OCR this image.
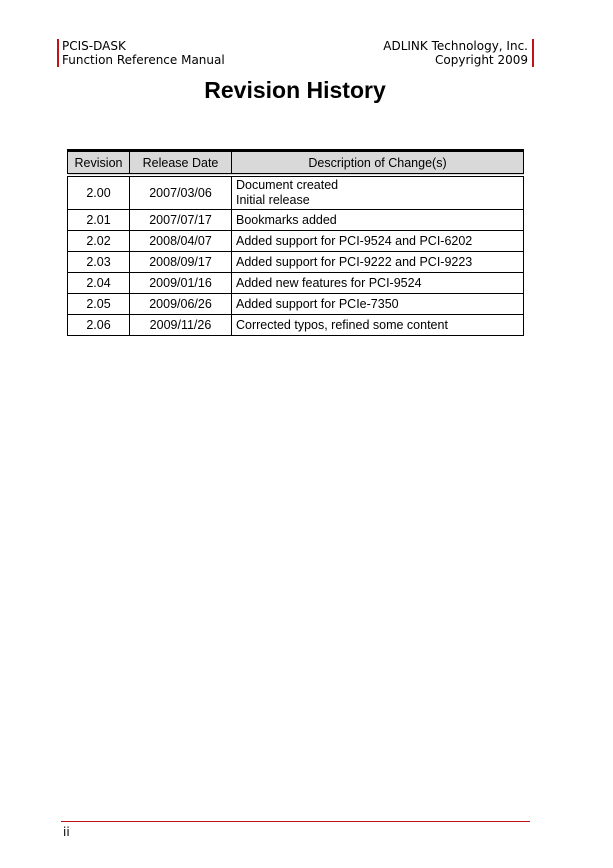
PCIS-DASK
Function Reference Manual
ADLINK Technology, Inc.
Copyright 2009
Revision History
Revision	Release Date	Description of Change(s)
2.00	2007/03/06	Document created
Initial release

2.01	2007/07/17	Bookmarks added
2.02	2008/04/07	Added support for PCI-9524 and PCI-6202
2.03	2008/09/17	Added support for PCI-9222 and PCI-9223
2.04	2009/01/16	Added new features for PCI-9524
2.05	2009/06/26	Added support for PCIe-7350
2.06	2009/11/26	Corrected typos, refined some content
ii
